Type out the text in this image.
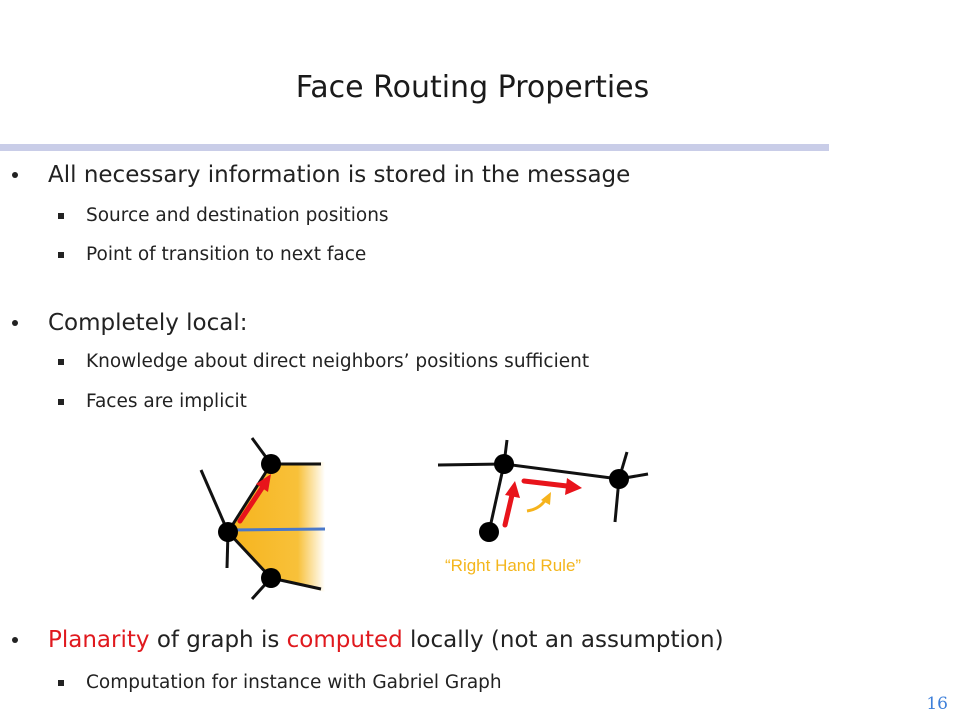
Face Routing Properties
All necessary information is stored in the message
Source and destination positions
Point of transition to next face
Completely local:
Knowledge about direct neighbors’ positions sufficient
Faces are implicit
“Right Hand Rule”
Planarity of graph is computed locally (not an assumption)
Computation for instance with Gabriel Graph
16
